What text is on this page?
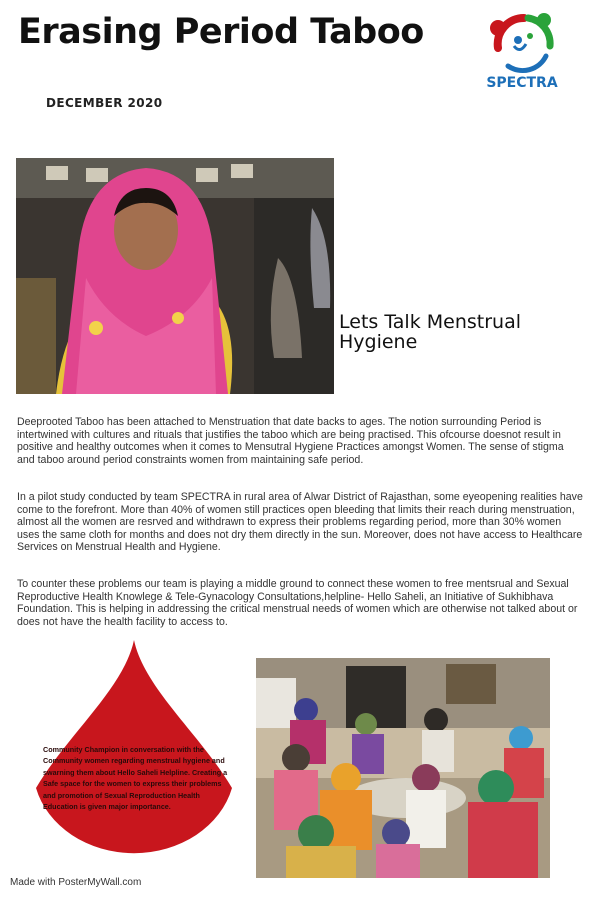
Erasing Period Taboo
SPECTRA
DECEMBER 2020
Lets Talk Menstrual Hygiene

Deeprooted Taboo has been attached to Menstruation that date backs to ages. The notion surrounding Period is intertwined with cultures and rituals that justifies the taboo which are being practised. This ofcourse doesnot result in positive and healthy outcomes when it comes to Mensutral Hygiene Practices amongst Women. The sense of stigma and taboo around period constraints women from maintaining safe period.

In a pilot study conducted by team SPECTRA in rural area of Alwar District of Rajasthan, some eyeopening realities have come to the forefront. More than 40% of women still practices open bleeding that limits their reach during menstruation, almost all the women are resrved and withdrawn to express their problems regarding period, more than 30% women uses the same cloth for months and does not dry them directly in the sun. Moreover, does not have access to Healthcare Services on Menstrual Health and Hygiene.

To counter these problems our team is playing a middle ground to connect these women to free mentsrual and Sexual Reproductive Health Knowlege & Tele-Gynacology Consultations,helpline- Hello Saheli, an Initiative of Sukhibhava Foundation. This is helping in addressing the critical menstrual needs of women which are otherwise not talked about or does not have the health facility to access to.

Community Champion in conversation with the Community women regarding menstrual hygiene and swarning them about Hello Saheli Helpline. Creating a Safe space for the women to express their problems and promotion of Sexual Reproduction Health Education is given major importance.
Made with PosterMyWall.com
